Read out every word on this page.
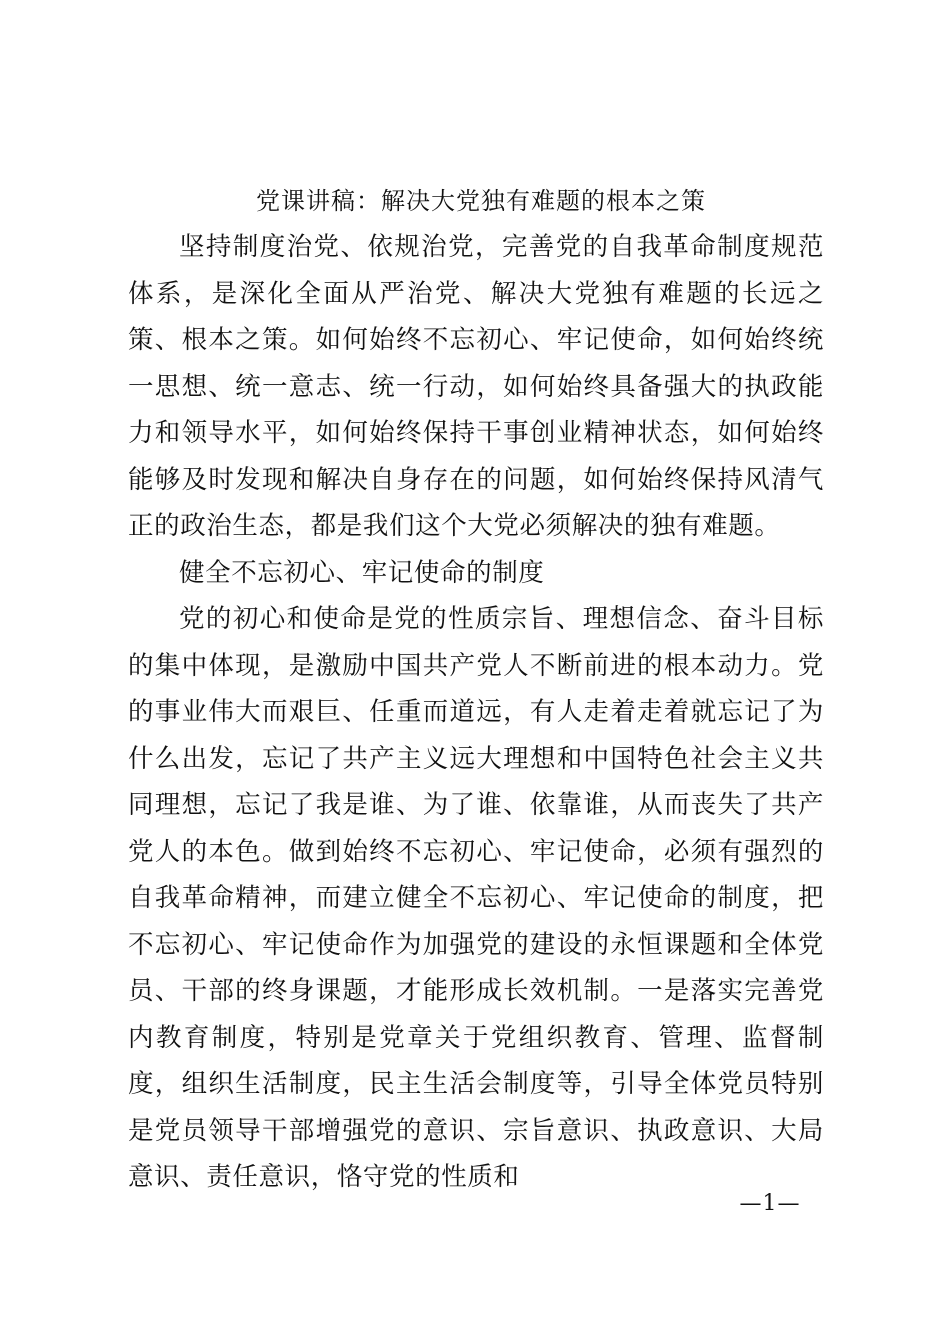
党课讲稿：解决大党独有难题的根本之策

坚持制度治党、依规治党，完善党的自我革命制度规范体系，是深化全面从严治党、解决大党独有难题的长远之策、根本之策。如何始终不忘初心、牢记使命，如何始终统一思想、统一意志、统一行动，如何始终具备强大的执政能力和领导水平，如何始终保持干事创业精神状态，如何始终能够及时发现和解决自身存在的问题，如何始终保持风清气正的政治生态，都是我们这个大党必须解决的独有难题。

健全不忘初心、牢记使命的制度

党的初心和使命是党的性质宗旨、理想信念、奋斗目标的集中体现，是激励中国共产党人不断前进的根本动力。党的事业伟大而艰巨、任重而道远，有人走着走着就忘记了为什么出发，忘记了共产主义远大理想和中国特色社会主义共同理想，忘记了我是谁、为了谁、依靠谁，从而丧失了共产党人的本色。做到始终不忘初心、牢记使命，必须有强烈的自我革命精神，而建立健全不忘初心、牢记使命的制度，把不忘初心、牢记使命作为加强党的建设的永恒课题和全体党员、干部的终身课题，才能形成长效机制。一是落实完善党内教育制度，特别是党章关于党组织教育、管理、监督制度，组织生活制度，民主生活会制度等，引导全体党员特别是党员领导干部增强党的意识、宗旨意识、执政意识、大局意识、责任意识，恪守党的性质和

—1—
